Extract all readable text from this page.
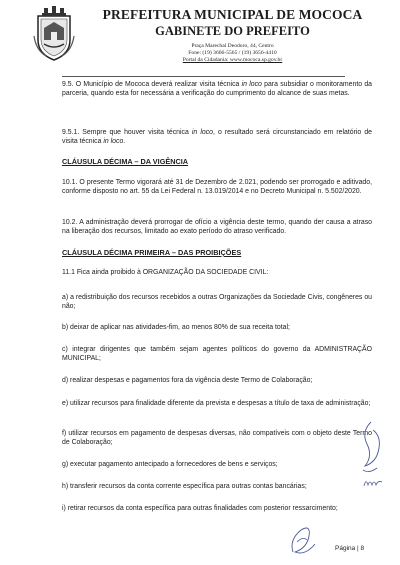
PREFEITURA MUNICIPAL DE MOCOCA
GABINETE DO PREFEITO
Praça Marechal Deodoro, 44, Centro
Fone: (19) 3666-5565 / (19) 3656-4410
Portal da Cidadania: www.mococa.sp.gov.br
9.5. O Município de Mococa deverá realizar visita técnica in loco para subsidiar o monitoramento da parceria, quando esta for necessária a verificação do cumprimento do alcance de suas metas.
9.5.1. Sempre que houver visita técnica in loco, o resultado será circunstanciado em relatório de visita técnica in loco.
CLÁUSULA DÉCIMA – DA VIGÊNCIA
10.1. O presente Termo vigorará até 31 de Dezembro de 2.021, podendo ser prorrogado e aditivado, conforme disposto no art. 55 da Lei Federal n. 13.019/2014 e no Decreto Municipal n. 5.502/2020.
10.2. A administração deverá prorrogar de ofício a vigência deste termo, quando der causa a atraso na liberação dos recursos, limitado ao exato período do atraso verificado.
CLÁUSULA DÉCIMA PRIMEIRA – DAS PROIBIÇÕES
11.1 Fica ainda proibido à ORGANIZAÇÃO DA SOCIEDADE CIVIL:
a) a redistribuição dos recursos recebidos a outras Organizações da Sociedade Civis, congêneres ou não;
b) deixar de aplicar nas atividades-fim, ao menos 80% de sua receita total;
c) integrar dirigentes que também sejam agentes políticos do governo da ADMINISTRAÇÃO MUNICIPAL;
d) realizar despesas e pagamentos fora da vigência deste Termo de Colaboração;
e) utilizar recursos para finalidade diferente da prevista e despesas a título de taxa de administração;
f) utilizar recursos em pagamento de despesas diversas, não compatíveis com o objeto deste Termo de Colaboração;
g) executar pagamento antecipado a fornecedores de bens e serviços;
h) transferir recursos da conta corrente específica para outras contas bancárias;
i) retirar recursos da conta específica para outras finalidades com posterior ressarcimento;
Página | 8
